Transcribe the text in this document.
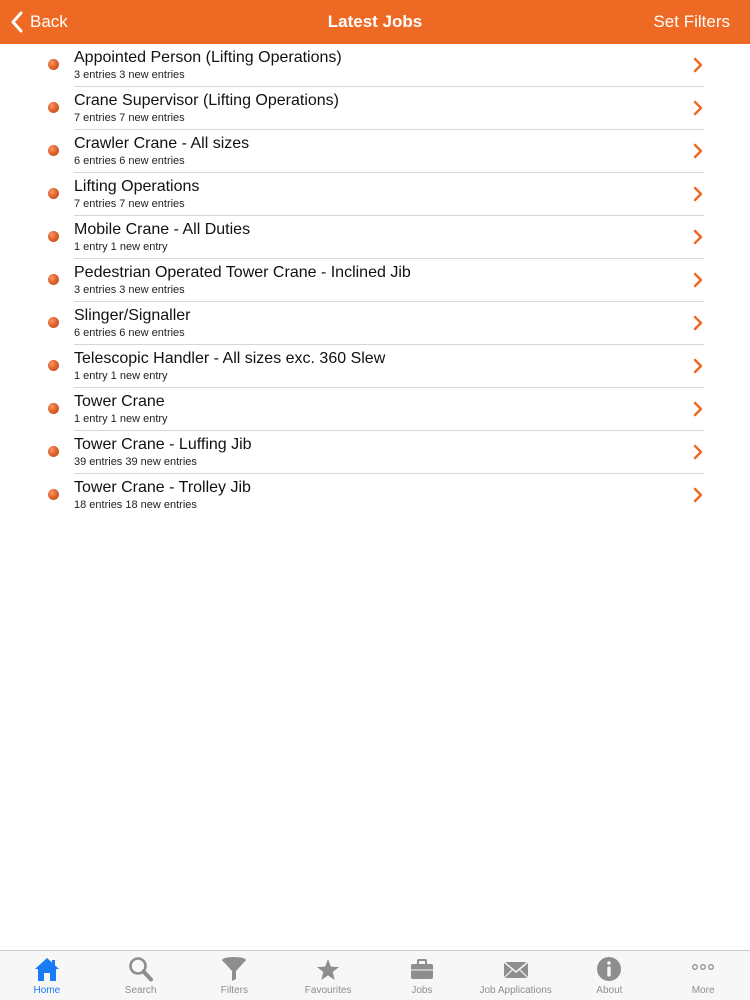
Back	Latest Jobs	Set Filters
Appointed Person (Lifting Operations)
3 entries 3 new entries
Crane Supervisor (Lifting Operations)
7 entries 7 new entries
Crawler Crane - All sizes
6 entries 6 new entries
Lifting Operations
7 entries 7 new entries
Mobile Crane - All Duties
1 entry 1 new entry
Pedestrian Operated Tower Crane - Inclined Jib
3 entries 3 new entries
Slinger/Signaller
6 entries 6 new entries
Telescopic Handler - All sizes exc. 360 Slew
1 entry 1 new entry
Tower Crane
1 entry 1 new entry
Tower Crane - Luffing Jib
39 entries 39 new entries
Tower Crane - Trolley Jib
18 entries 18 new entries
Home	Search	Filters	Favourites	Jobs	Job Applications	About	More
